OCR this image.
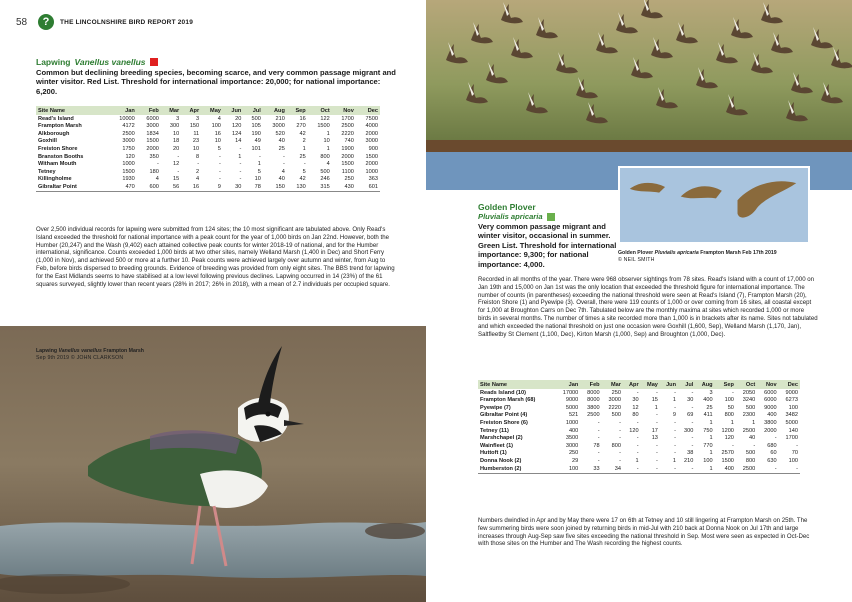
58	?	THE LINCOLNSHIRE BIRD REPORT 2019
Lapwing Vanellus vanellus
Common but declining breeding species, becoming scarce, and very common passage migrant and winter visitor. Red List. Threshold for international importance: 20,000; for national importance: 6,200.
Site Name	Jan	Feb	Mar	Apr	May	Jun	Jul	Aug	Sep	Oct	Nov	Dec
Read's Island	10000	6000	3	3	4	20	500	210	16	122	1700	7500
Frampton Marsh	4172	3000	300	150	100	120	105	3000	270	1500	2500	4000
Alkborough	2500	1834	10	11	16	124	190	520	42	1	2220	2000
Goxhill	3000	1500	18	23	10	14	49	40	2	10	740	3000
Freiston Shore	1750	2000	20	10	5	-	101	25	1	1	1900	900
Branston Booths	120	350	-	8	-	1	-	-	25	800	2000	1500
Witham Mouth	1000	-	12	-	-	-	1	-	-	4	1500	2000
Tetney	1500	180	-	2	-	-	5	4	5	500	1100	1000
Killingholme	1930	4	15	4	-	-	10	40	42	246	250	363
Gibraltar Point	470	600	56	16	9	30	78	150	130	315	430	601
Over 2,500 individual records for lapwing were submitted from 124 sites; the 10 most significant are tabulated above. Only Read's Island exceeded the threshold for national importance with a peak count for the year of 1,000 birds on Jan 22nd. However, both the Humber (20,247) and the Wash (9,402) each attained collective peak counts for winter 2018-19 of national, and for the Humber international, significance. Counts exceeded 1,000 birds at two other sites, namely Welland Marsh (1,400 in Dec) and Short Ferry (1,000 in Nov), and achieved 500 or more at a further 10. Peak counts were achieved largely over autumn and winter, from Aug to Feb, before birds dispersed to breeding grounds. Evidence of breeding was provided from only eight sites. The BBS trend for lapwing for the East Midlands seems to have stabilised at a low level following previous declines. Lapwing occurred in 14 (23%) of the 61 squares surveyed, slightly lower than recent years (28% in 2017; 26% in 2018), with a mean of 2.7 individuals per occupied square.
Lapwing Vanellus vanellus Frampton Marsh
Sep 9th 2019 © JOHN CLARKSON
Golden Plover
Pluvialis apricaria
Very common passage migrant and winter visitor, occasional in summer. Green List. Threshold for international importance: 9,300; for national importance: 4,000.
Golden Plover Pluvialis apricaria Frampton Marsh Feb 17th 2019
© NEIL SMITH
Recorded in all months of the year. There were 968 observer sightings from 78 sites. Read's Island with a count of 17,000 on Jan 19th and 15,000 on Jan 1st was the only location that exceeded the threshold figure for international importance. The number of counts (in parentheses) exceeding the national threshold were seen at Read's Island (7), Frampton Marsh (20), Freiston Shore (1) and Pyewipe (3). Overall, there were 119 counts of 1,000 or over coming from 16 sites, all coastal except for 1,000 at Broughton Carrs on Dec 7th. Tabulated below are the monthly maxima at sites which recorded 1,000 or more birds in several months. The number of times a site recorded more than 1,000 is in brackets after its name. Sites not tabulated and which exceeded the national threshold on just one occasion were Goxhill (1,600, Sep), Welland Marsh (1,170, Jan), Saltfleetby St Clement (1,100, Dec), Kirton Marsh (1,000, Sep) and Broughton (1,000, Dec).
Site Name	Jan	Feb	Mar	Apr	May	Jun	Jul	Aug	Sep	Oct	Nov	Dec
Reads Island (10)	17000	8000	250	-	-	-	-	3	-	2050	6000	9000
Frampton Marsh (68)	9000	8000	3000	30	15	1	30	400	100	3240	6000	6273
Pyewipe (7)	5000	3800	2220	12	1	-	-	25	50	500	9000	100
Gibraltar Point (4)	521	2500	500	80	-	9	69	411	800	2300	400	3482
Freiston Shore (6)	1000	-	-	-	-	-	-	1	1	1	3800	5000
Tetney (11)	400	-	-	120	17	-	300	750	1200	2500	2000	140
Marshchapel (2)	3500	-	-	-	13	-	-	1	120	40	-	1700
Wainfleet (1)	3000	78	800	-	-	-	-	770	-	-	680	-
Huttoft (1)	250	-	-	-	-	-	38	1	2570	500	60	70
Donna Nook (2)	29	-	-	1	-	1	210	100	1500	800	630	100
Humberston (2)	100	33	34	-	-	-	-	1	400	2500	-	-
Numbers dwindled in Apr and by May there were 17 on 6th at Tetney and 10 still lingering at Frampton Marsh on 25th. The few summering birds were soon joined by returning birds in mid-Jul with 210 back at Donna Nook on Jul 17th and large increases through Aug-Sep saw five sites exceeding the national threshold in Sep. Most were seen as expected in Oct-Dec with those sites on the Humber and The Wash recording the highest counts.
